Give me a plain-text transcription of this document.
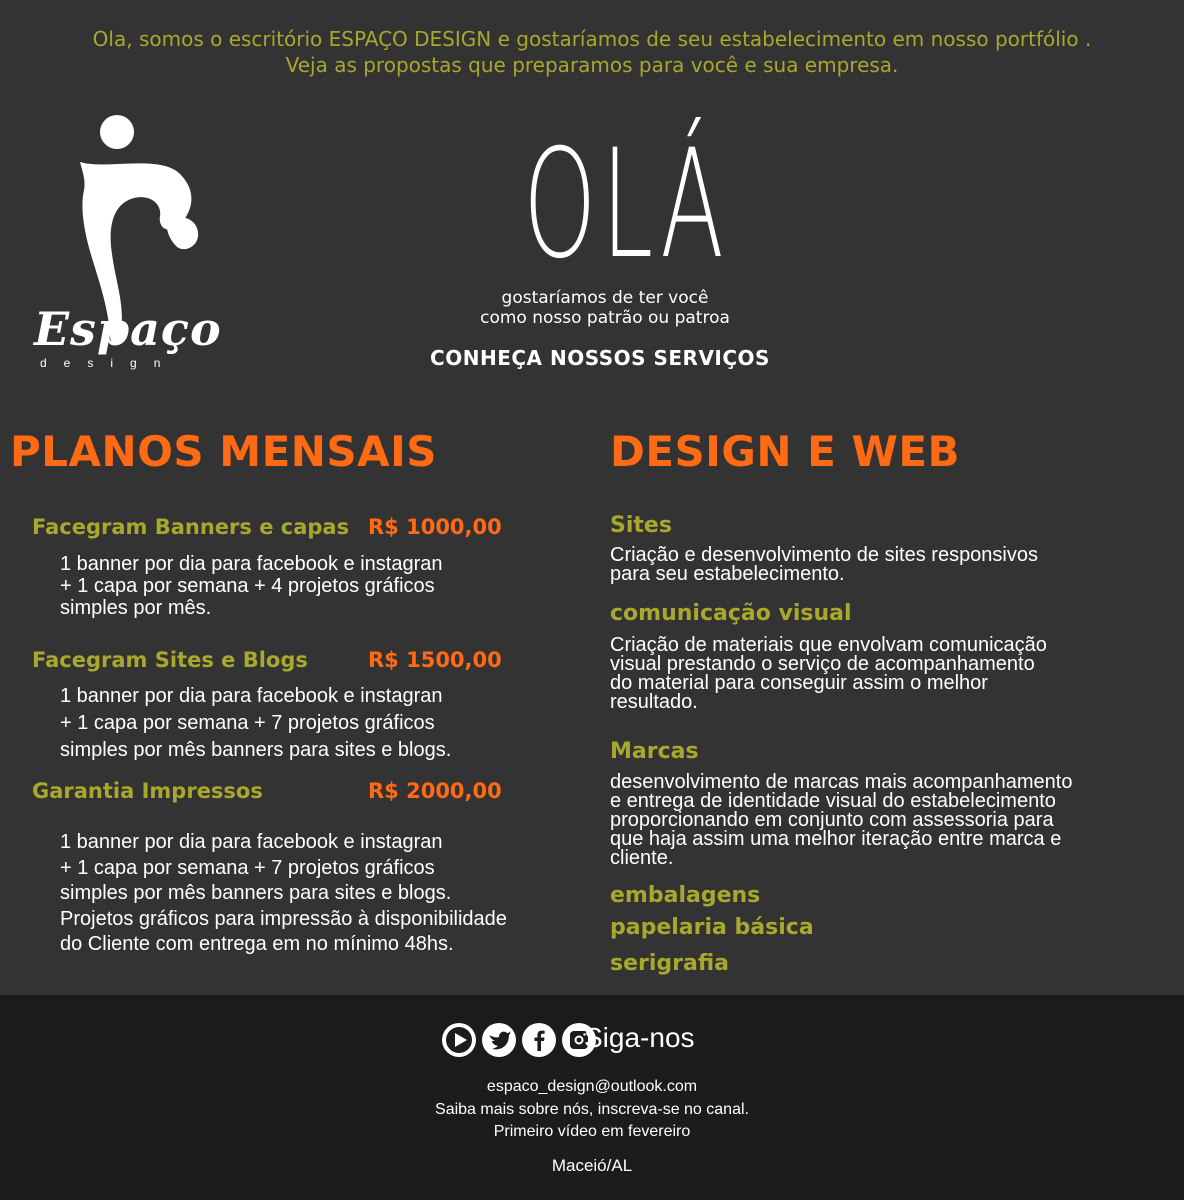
Ola, somos o escritório ESPAÇO DESIGN e gostaríamos de seu estabelecimento em nosso portfólio .
Veja as propostas que preparamos para você e sua empresa.
Espaço
design
OLÁ
gostaríamos de ter você
como nosso patrão ou patroa
CONHEÇA NOSSOS SERVIÇOS
PLANOS MENSAIS
Facegram Banners e capas R$ 1000,00
1 banner por dia para facebook e instagran
+ 1 capa por semana + 4 projetos gráficos
simples por mês.
Facegram Sites e Blogs	R$ 1500,00
1 banner por dia para facebook e instagran
+ 1 capa por semana + 7 projetos gráficos
simples por mês banners para sites e blogs.
Garantia Impressos	R$ 2000,00
1 banner por dia para facebook e instagran
+ 1 capa por semana + 7 projetos gráficos
simples por mês banners para sites e blogs.
Projetos gráficos para impressão à disponibilidade
do Cliente com entrega em no mínimo 48hs.
DESIGN E WEB
Sites
Criação e desenvolvimento de sites responsivos
para seu estabelecimento.
comunicação visual
Criação de materiais que envolvam comunicação
visual prestando o serviço de acompanhamento
do material para conseguir assim o melhor
resultado.
Marcas
desenvolvimento de marcas mais acompanhamento
e entrega de identidade visual do estabelecimento
proporcionando em conjunto com assessoria para
que haja assim uma melhor iteração entre marca e
cliente.
embalagens
papelaria básica
serigrafia
Siga-nos
espaco_design@outlook.com
Saiba mais sobre nós, inscreva-se no canal.
Primeiro vídeo em fevereiro
Maceió/AL
